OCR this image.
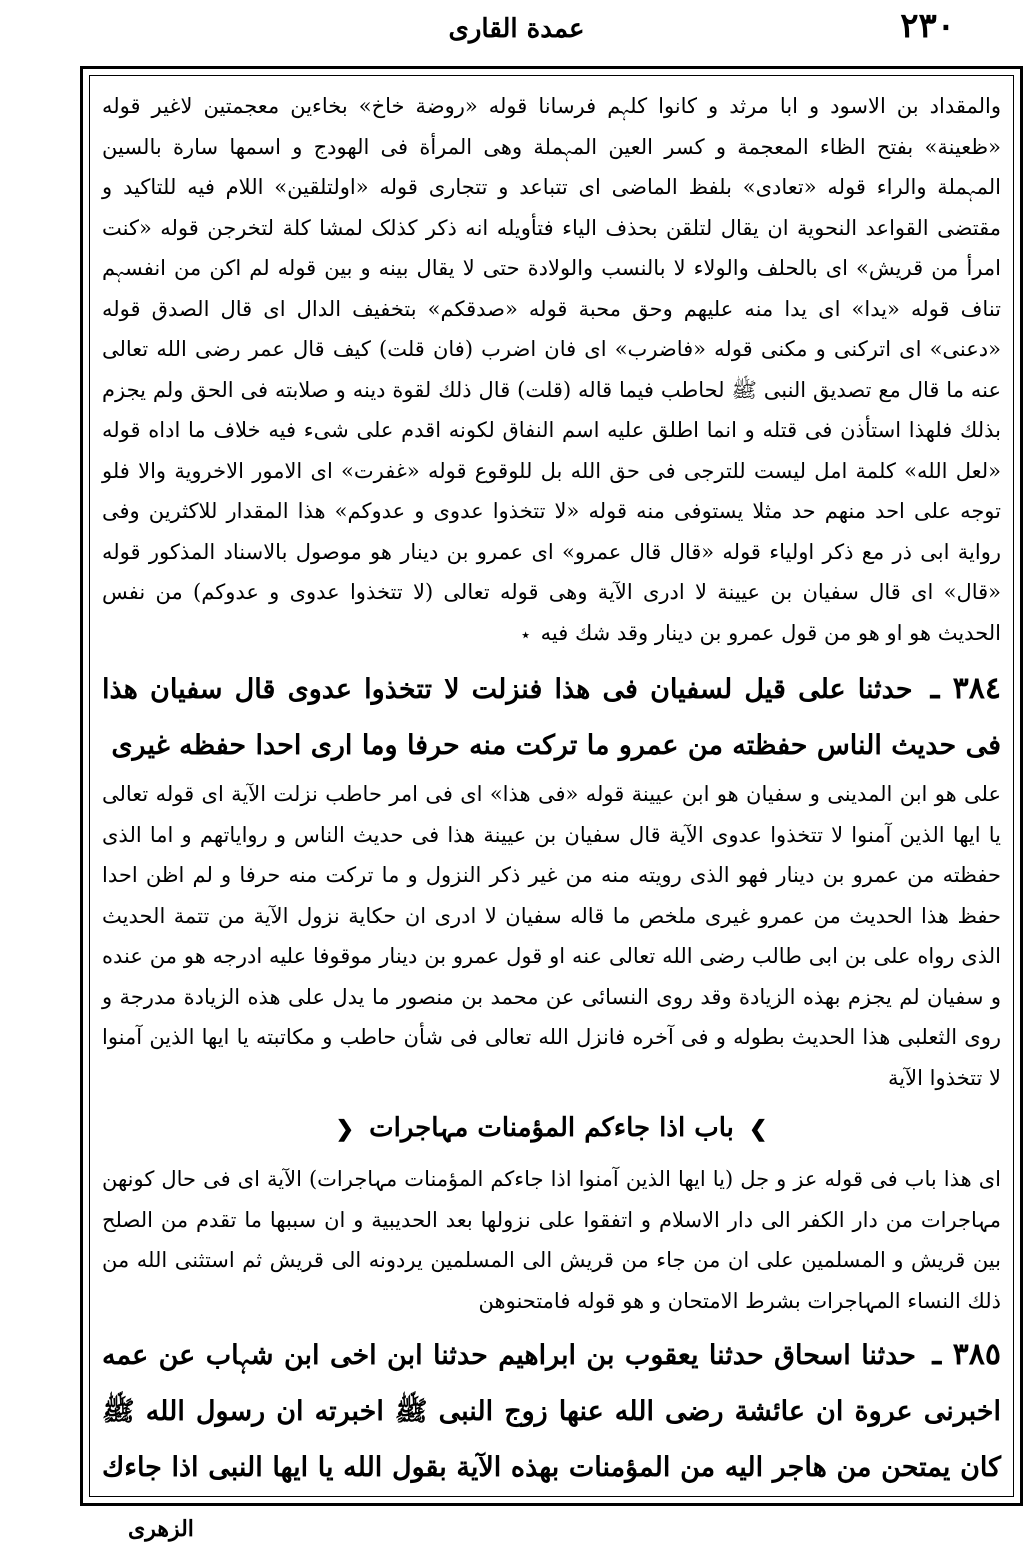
٢٣٠
عمدة القاری

والمقداد بن الاسود و ابا مرثد و کانوا کلہم فرسانا قوله «روضة خاخ» بخاءین معجمتین لاغیر قوله «ظعینة» بفتح الظاء المعجمة و کسر العین المہملة وھی المرأة فی الھودج و اسمھا سارة بالسین المہملة والراء قوله «تعادی» بلفظ الماضی ای تتباعد و تتجاری قوله «اولتلقین» اللام فیه للتاکید و مقتضی القواعد النحویة ان یقال لتلقن بحذف الیاء فتأویله انه ذکر کذلک لمشا کلة لتخرجن قوله «کنت امرأ من قریش» ای بالحلف والولاء لا بالنسب والولادة حتی لا یقال بینه و بین قوله لم اکن من انفسہم تناف قوله «یدا» ای یدا منه علیھم وحق محبة قوله «صدقکم» بتخفیف الدال ای قال الصدق قوله «دعنی» ای اترکنی و مکنی قوله «فاضرب» ای فان اضرب (فان قلت) کیف قال عمر رضی الله تعالی عنه ما قال مع تصدیق النبی ﷺ لحاطب فیما قاله (قلت) قال ذلك لقوة دینه و صلابته فی الحق ولم یجزم بذلك فلھذا استأذن فی قتله و انما اطلق علیه اسم النفاق لکونه اقدم علی شیء فیه خلاف ما اداه قوله «لعل الله» کلمة امل لیست للترجی فی حق الله بل للوقوع قوله «غفرت» ای الامور الاخرویة والا فلو توجه علی احد منھم حد مثلا یستوفی منه قوله «لا تتخذوا عدوی و عدوکم» هذا المقدار للاکثرین وفی روایة ابی ذر مع ذکر اولیاء قوله «قال قال عمرو» ای عمرو بن دینار هو موصول بالاسناد المذکور قوله «قال» ای قال سفیان بن عیینة لا ادری الآیة وهی قوله تعالی (لا تتخذوا عدوی و عدوکم) من نفس الحدیث هو او هو من قول عمرو بن دینار وقد شك فیه ٭

٣٨٤ ـ حدثنا علی قیل لسفیان فی هذا فنزلت لا تتخذوا عدوی قال سفیان هذا فی حدیث الناس حفظته من عمرو ما ترکت منه حرفا وما اری احدا حفظه غیری

علی هو ابن المدینی و سفیان هو ابن عیینة قوله «فی هذا» ای فی امر حاطب نزلت الآیة ای قوله تعالی یا ایھا الذین آمنوا لا تتخذوا عدوی الآیة قال سفیان بن عیینة هذا فی حدیث الناس و روایاتھم و اما الذی حفظته من عمرو بن دینار فھو الذی رویته منه من غیر ذکر النزول و ما ترکت منه حرفا و لم اظن احدا حفظ هذا الحدیث من عمرو غیری ملخص ما قاله سفیان لا ادری ان حکایة نزول الآیة من تتمة الحدیث الذی رواه علی بن ابی طالب رضی الله تعالی عنه او قول عمرو بن دینار موقوفا علیه ادرجه هو من عنده و سفیان لم یجزم بھذه الزیادة وقد روی النسائی عن محمد بن منصور ما یدل علی هذه الزیادة مدرجة و روی الثعلبی هذا الحدیث بطوله و فی آخره فانزل الله تعالی فی شأن حاطب و مکاتبته یا ایھا الذین آمنوا لا تتخذوا الآیة

❯ باب اذا جاءکم المؤمنات مہاجرات ❮

ای هذا باب فی قوله عز و جل (یا ایھا الذین آمنوا اذا جاءکم المؤمنات مہاجرات) الآیة ای فی حال کونھن مہاجرات من دار الکفر الی دار الاسلام و اتفقوا علی نزولھا بعد الحدیبیة و ان سببھا ما تقدم من الصلح بین قریش و المسلمین علی ان من جاء من قریش الی المسلمین یردونه الی قریش ثم استثنی الله من ذلك النساء المہاجرات بشرط الامتحان و هو قوله فامتحنوھن

٣٨٥ ـ حدثنا اسحاق حدثنا یعقوب بن ابراهیم حدثنا ابن اخی ابن شہاب عن عمه اخبرنی عروة ان عائشة رضی الله عنھا زوج النبی ﷺ اخبرته ان رسول الله ﷺ کان یمتحن من هاجر الیه من المؤمنات بھذه الآیة بقول الله یا ایھا النبی اذا جاءك

الزهری
